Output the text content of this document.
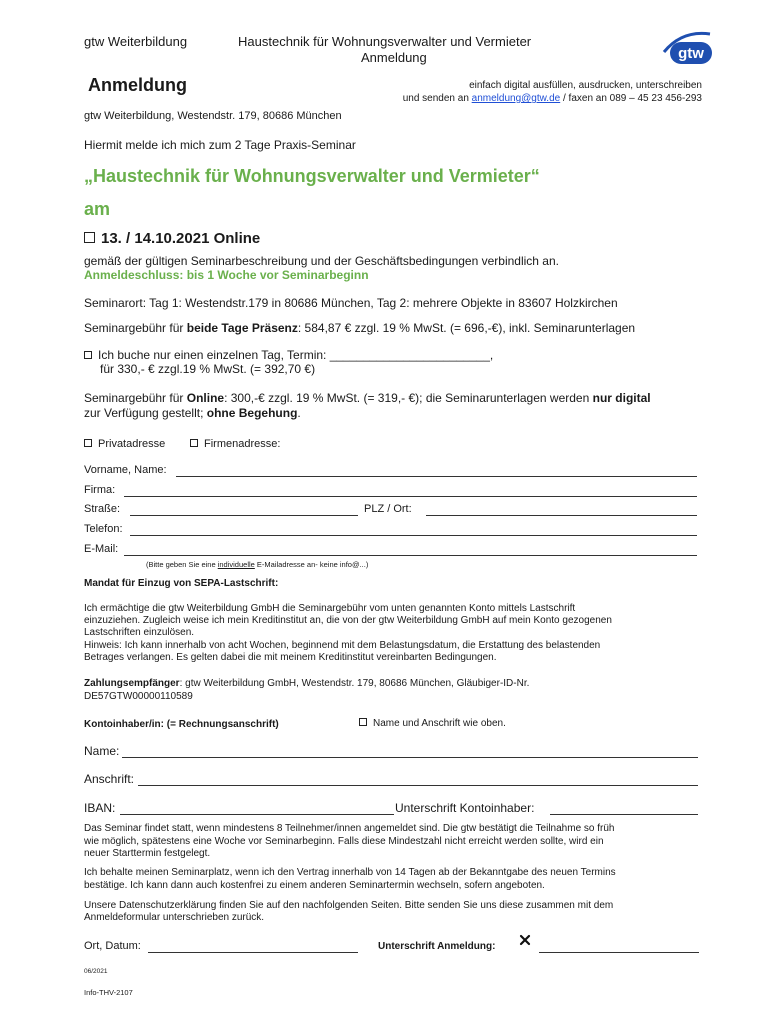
gtw Weiterbildung	Haustechnik für Wohnungsverwalter und Vermieter
Anmeldung	gtw
Anmeldung	einfach digital ausfüllen, ausdrucken, unterschreiben
und senden an anmeldung@gtw.de / faxen an 089 – 45 23 456-293
gtw Weiterbildung, Westendstr. 179, 80686 München
Hiermit melde ich mich zum 2 Tage Praxis-Seminar
„Haustechnik für Wohnungsverwalter und Vermieter“
am
13. / 14.10.2021 Online
gemäß der gültigen Seminarbeschreibung und der Geschäftsbedingungen verbindlich an.
Anmeldeschluss: bis 1 Woche vor Seminarbeginn
Seminarort: Tag 1: Westendstr.179 in 80686 München, Tag 2: mehrere Objekte in 83607 Holzkirchen
Seminargebühr für beide Tage Präsenz: 584,87 € zzgl. 19 % MwSt. (= 696,-€), inkl. Seminarunterlagen
Ich buche nur einen einzelnen Tag, Termin: ________________________,
für 330,- € zzgl.19 % MwSt. (= 392,70 €)
Seminargebühr für Online: 300,-€ zzgl. 19 % MwSt. (= 319,- €); die Seminarunterlagen werden nur digital
zur Verfügung gestellt; ohne Begehung.
Privatadresse	Firmenadresse:
Vorname, Name:
Firma:
Straße:	PLZ / Ort:
Telefon:
E-Mail:
(Bitte geben Sie eine individuelle E-Mailadresse an- keine info@...)
Mandat für Einzug von SEPA-Lastschrift:
Ich ermächtige die gtw Weiterbildung GmbH die Seminargebühr vom unten genannten Konto mittels Lastschrift
einzuziehen. Zugleich weise ich mein Kreditinstitut an, die von der gtw Weiterbildung GmbH auf mein Konto gezogenen
Lastschriften einzulösen.
Hinweis: Ich kann innerhalb von acht Wochen, beginnend mit dem Belastungsdatum, die Erstattung des belastenden
Betrages verlangen. Es gelten dabei die mit meinem Kreditinstitut vereinbarten Bedingungen.
Zahlungsempfänger: gtw Weiterbildung GmbH, Westendstr. 179, 80686 München, Gläubiger-ID-Nr.
DE57GTW00000110589
Kontoinhaber/in: (= Rechnungsanschrift)	Name und Anschrift wie oben.
Name:
Anschrift:
IBAN:	Unterschrift Kontoinhaber:
Das Seminar findet statt, wenn mindestens 8 Teilnehmer/innen angemeldet sind. Die gtw bestätigt die Teilnahme so früh
wie möglich, spätestens eine Woche vor Seminarbeginn. Falls diese Mindestzahl nicht erreicht werden sollte, wird ein
neuer Starttermin festgelegt.
Ich behalte meinen Seminarplatz, wenn ich den Vertrag innerhalb von 14 Tagen ab der Bekanntgabe des neuen Termins
bestätige. Ich kann dann auch kostenfrei zu einem anderen Seminartermin wechseln, sofern angeboten.
Unsere Datenschutzerklärung finden Sie auf den nachfolgenden Seiten. Bitte senden Sie uns diese zusammen mit dem
Anmeldeformular unterschrieben zurück.
Ort, Datum:	Unterschrift Anmeldung:
06/2021
Info-THV-2107
